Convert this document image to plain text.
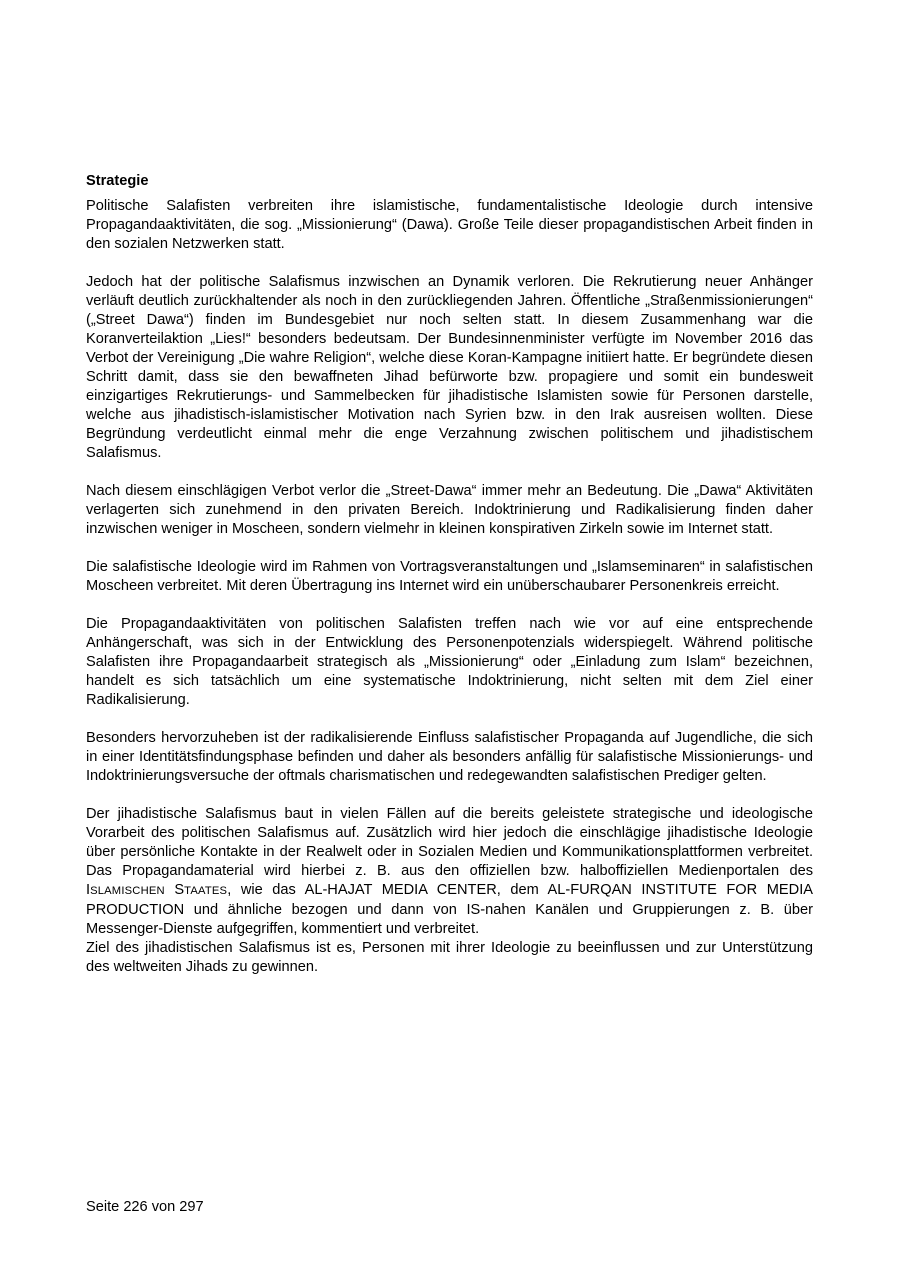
Strategie

Politische Salafisten verbreiten ihre islamistische, fundamentalistische Ideologie durch intensive Propagandaaktivitäten, die sog. „Missionierung“ (Dawa). Große Teile dieser propagandistischen Arbeit finden in den sozialen Netzwerken statt.

Jedoch hat der politische Salafismus inzwischen an Dynamik verloren. Die Rekrutierung neuer Anhänger verläuft deutlich zurückhaltender als noch in den zurückliegenden Jahren. Öffentliche „Straßenmissionierungen“ („Street Dawa“) finden im Bundesgebiet nur noch selten statt. In diesem Zusammenhang war die Koranverteilaktion „Lies!“ besonders bedeutsam. Der Bundesinnenminister verfügte im November 2016 das Verbot der Vereinigung „Die wahre Religion“, welche diese Koran-Kampagne initiiert hatte. Er begründete diesen Schritt damit, dass sie den bewaffneten Jihad befürworte bzw. propagiere und somit ein bundesweit einzigartiges Rekrutierungs- und Sammelbecken für jihadistische Islamisten sowie für Personen darstelle, welche aus jihadistisch-islamistischer Motivation nach Syrien bzw. in den Irak ausreisen wollten. Diese Begründung verdeutlicht einmal mehr die enge Verzahnung zwischen politischem und jihadistischem Salafismus.

Nach diesem einschlägigen Verbot verlor die „Street-Dawa“ immer mehr an Bedeutung. Die „Dawa“ Aktivitäten verlagerten sich zunehmend in den privaten Bereich. Indoktrinierung und Radikalisierung finden daher inzwischen weniger in Moscheen, sondern vielmehr in kleinen konspirativen Zirkeln sowie im Internet statt.

Die salafistische Ideologie wird im Rahmen von Vortragsveranstaltungen und „Islamseminaren“ in salafistischen Moscheen verbreitet. Mit deren Übertragung ins Internet wird ein unüberschaubarer Personenkreis erreicht.

Die Propagandaaktivitäten von politischen Salafisten treffen nach wie vor auf eine entsprechende Anhängerschaft, was sich in der Entwicklung des Personenpotenzials widerspiegelt. Während politische Salafisten ihre Propagandaarbeit strategisch als „Missionierung“ oder „Einladung zum Islam“ bezeichnen, handelt es sich tatsächlich um eine systematische Indoktrinierung, nicht selten mit dem Ziel einer Radikalisierung.

Besonders hervorzuheben ist der radikalisierende Einfluss salafistischer Propaganda auf Jugendliche, die sich in einer Identitätsfindungsphase befinden und daher als besonders anfällig für salafistische Missionierungs- und Indoktrinierungsversuche der oftmals charismatischen und redegewandten salafistischen Prediger gelten.

Der jihadistische Salafismus baut in vielen Fällen auf die bereits geleistete strategische und ideologische Vorarbeit des politischen Salafismus auf. Zusätzlich wird hier jedoch die einschlägige jihadistische Ideologie über persönliche Kontakte in der Realwelt oder in Sozialen Medien und Kommunikationsplattformen verbreitet. Das Propagandamaterial wird hierbei z. B. aus den offiziellen bzw. halboffiziellen Medienportalen des ISLAMISCHEN STAATES, wie das AL-HAJAT MEDIA CENTER, dem AL-FURQAN INSTITUTE FOR MEDIA PRODUCTION und ähnliche bezogen und dann von IS-nahen Kanälen und Gruppierungen z. B. über Messenger-Dienste aufgegriffen, kommentiert und verbreitet.

Ziel des jihadistischen Salafismus ist es, Personen mit ihrer Ideologie zu beeinflussen und zur Unterstützung des weltweiten Jihads zu gewinnen.

Seite 226 von 297
